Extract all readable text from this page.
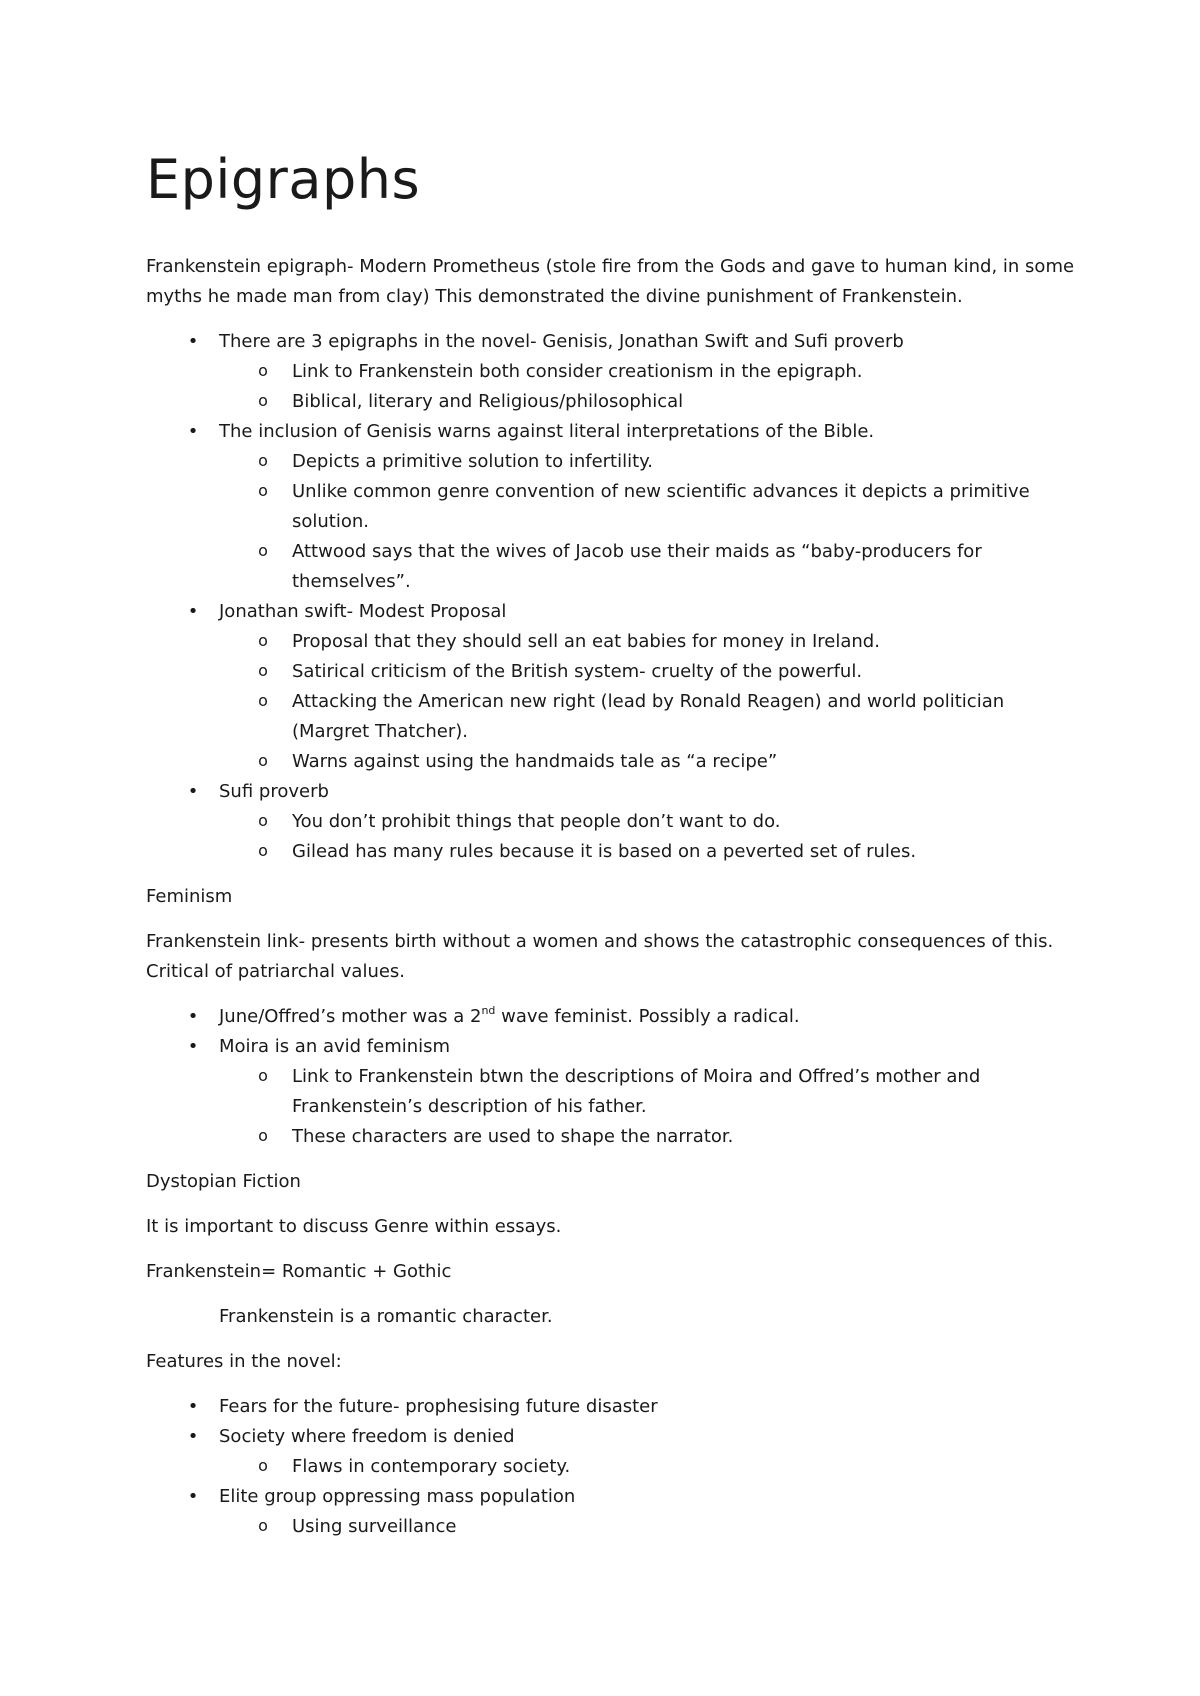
Epigraphs

Frankenstein epigraph- Modern Prometheus (stole fire from the Gods and gave to human kind, in some myths he made man from clay) This demonstrated the divine punishment of Frankenstein.

• There are 3 epigraphs in the novel- Genisis, Jonathan Swift and Sufi proverb
o Link to Frankenstein both consider creationism in the epigraph.
o Biblical, literary and Religious/philosophical
• The inclusion of Genisis warns against literal interpretations of the Bible.
o Depicts a primitive solution to infertility.
o Unlike common genre convention of new scientific advances it depicts a primitive solution.
o Attwood says that the wives of Jacob use their maids as “baby-producers for themselves”.
• Jonathan swift- Modest Proposal
o Proposal that they should sell an eat babies for money in Ireland.
o Satirical criticism of the British system- cruelty of the powerful.
o Attacking the American new right (lead by Ronald Reagen) and world politician (Margret Thatcher).
o Warns against using the handmaids tale as “a recipe”
• Sufi proverb
o You don’t prohibit things that people don’t want to do.
o Gilead has many rules because it is based on a peverted set of rules.

Feminism

Frankenstein link- presents birth without a women and shows the catastrophic consequences of this. Critical of patriarchal values.

• June/Offred’s mother was a 2nd wave feminist. Possibly a radical.
• Moira is an avid feminism
o Link to Frankenstein btwn the descriptions of Moira and Offred’s mother and Frankenstein’s description of his father.
o These characters are used to shape the narrator.

Dystopian Fiction

It is important to discuss Genre within essays.

Frankenstein= Romantic + Gothic

Frankenstein is a romantic character.

Features in the novel:

• Fears for the future- prophesising future disaster
• Society where freedom is denied
o Flaws in contemporary society.
• Elite group oppressing mass population
o Using surveillance
